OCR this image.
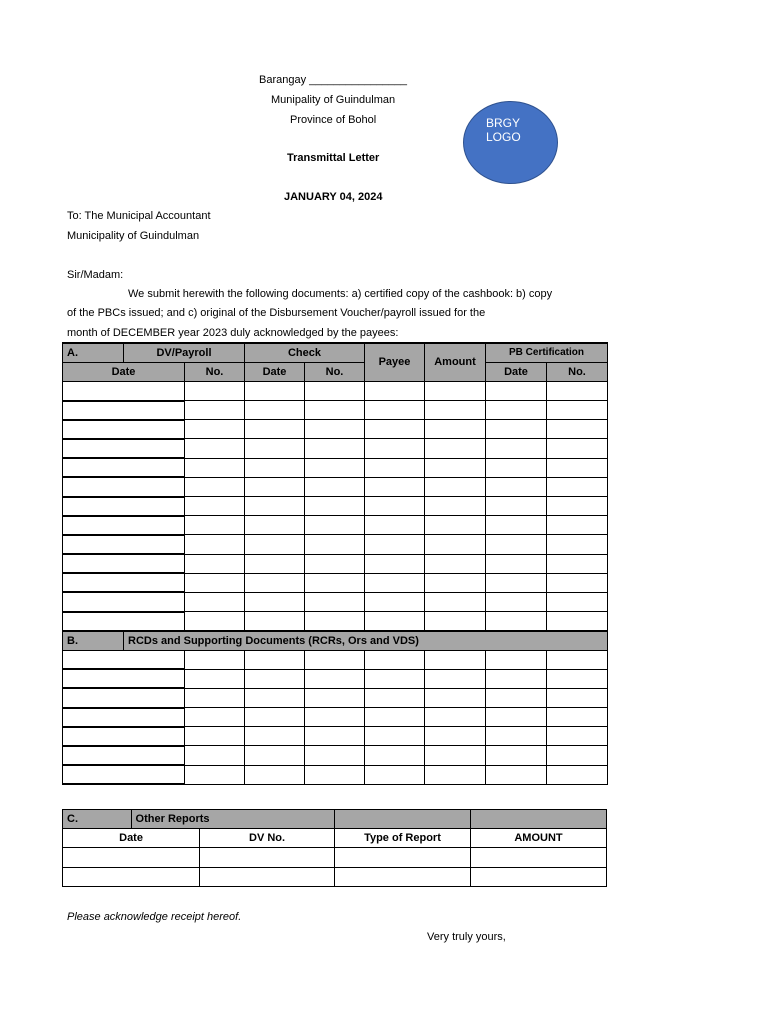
Barangay ________________
Munipality of Guindulman
Province of Bohol
Transmittal Letter
JANUARY 04, 2024
BRGY
LOGO
To: The Municipal Accountant
Municipality of Guindulman
Sir/Madam:
We submit herewith the following documents: a) certified copy of the cashbook: b) copy
of the PBCs issued; and c) original of the Disbursement Voucher/payroll issued for the
month of DECEMBER year 2023 duly acknowledged by the payees:
A.	DV/Payroll		Check		Payee	Amount	PB Certification	
Date		No.	Date	No.			Date	No.

B.	RCDs and Supporting Documents (RCRs, Ors and VDS)							

C.	Other Reports			
Date		DV No.	Type of Report	AMOUNT

Please acknowledge receipt hereof.
Very truly yours,
